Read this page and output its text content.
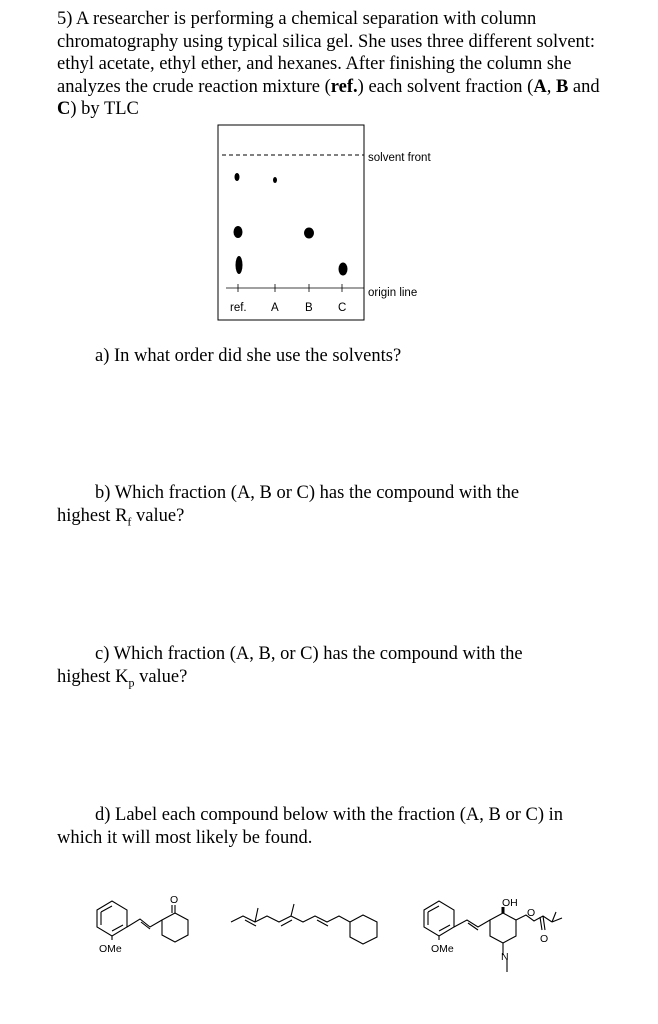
5) A researcher is performing a chemical separation with column chromatography using typical silica gel. She uses three different solvent: ethyl acetate, ethyl ether, and hexanes. After finishing the column she analyzes the crude reaction mixture (ref.) each solvent fraction (A, B and C) by TLC
solvent front
origin line
ref. A B C

a) In what order did she use the solvents?

b) Which fraction (A, B or C) has the compound with the
highest $R_f$ value?

c) Which fraction (A, B, or C) has the compound with the
highest $K_p$ value?

d) Label each compound below with the fraction (A, B or C) in
which it will most likely be found.

OMe
O
OMe
OH
O
O
N
